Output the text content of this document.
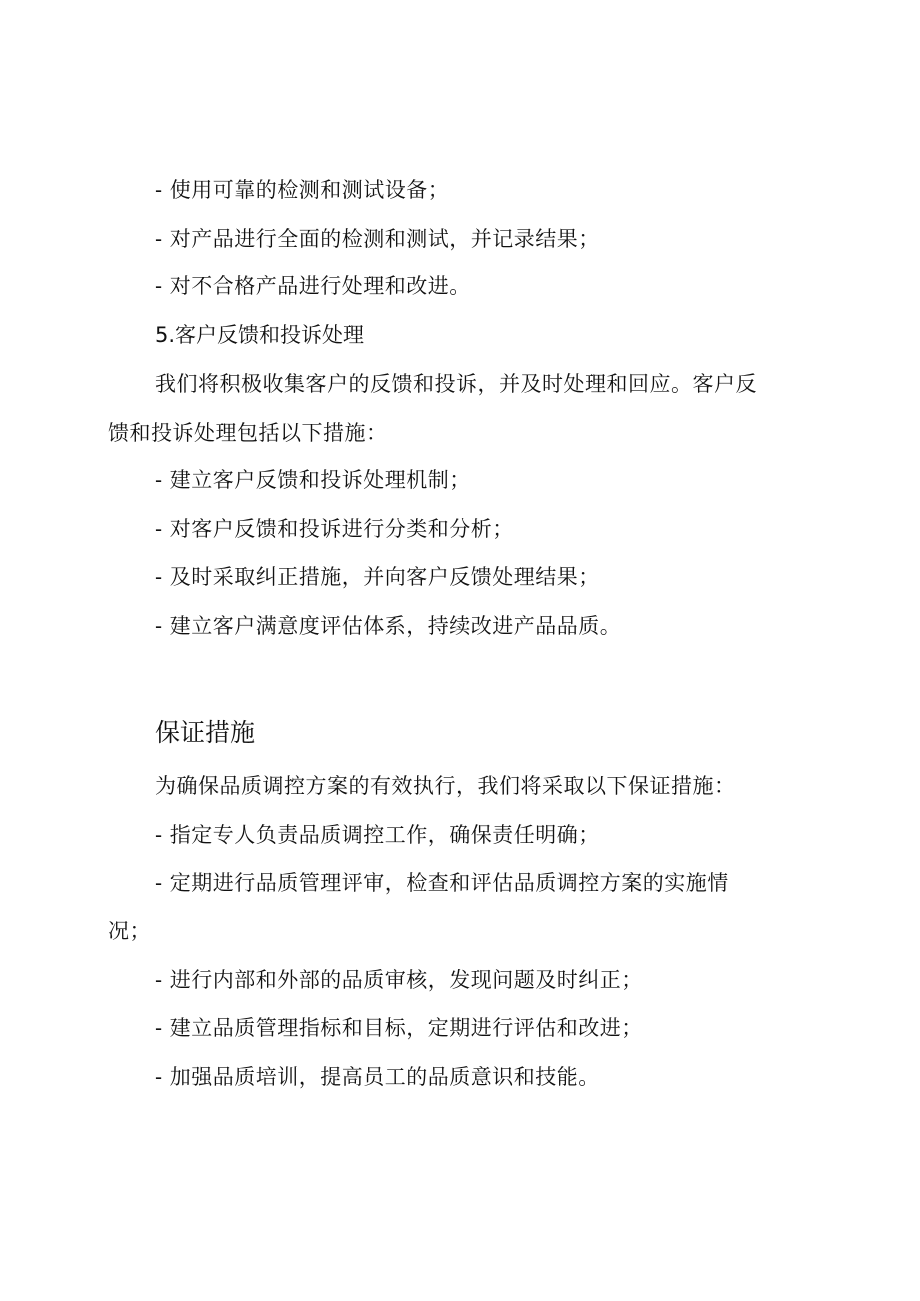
- 使用可靠的检测和测试设备；
- 对产品进行全面的检测和测试，并记录结果；
- 对不合格产品进行处理和改进。
5.客户反馈和投诉处理
我们将积极收集客户的反馈和投诉，并及时处理和回应。客户反
馈和投诉处理包括以下措施：
- 建立客户反馈和投诉处理机制；
- 对客户反馈和投诉进行分类和分析；
- 及时采取纠正措施，并向客户反馈处理结果；
- 建立客户满意度评估体系，持续改进产品品质。
保证措施
为确保品质调控方案的有效执行，我们将采取以下保证措施：
- 指定专人负责品质调控工作，确保责任明确；
- 定期进行品质管理评审，检查和评估品质调控方案的实施情
况；
- 进行内部和外部的品质审核，发现问题及时纠正；
- 建立品质管理指标和目标，定期进行评估和改进；
- 加强品质培训，提高员工的品质意识和技能。
